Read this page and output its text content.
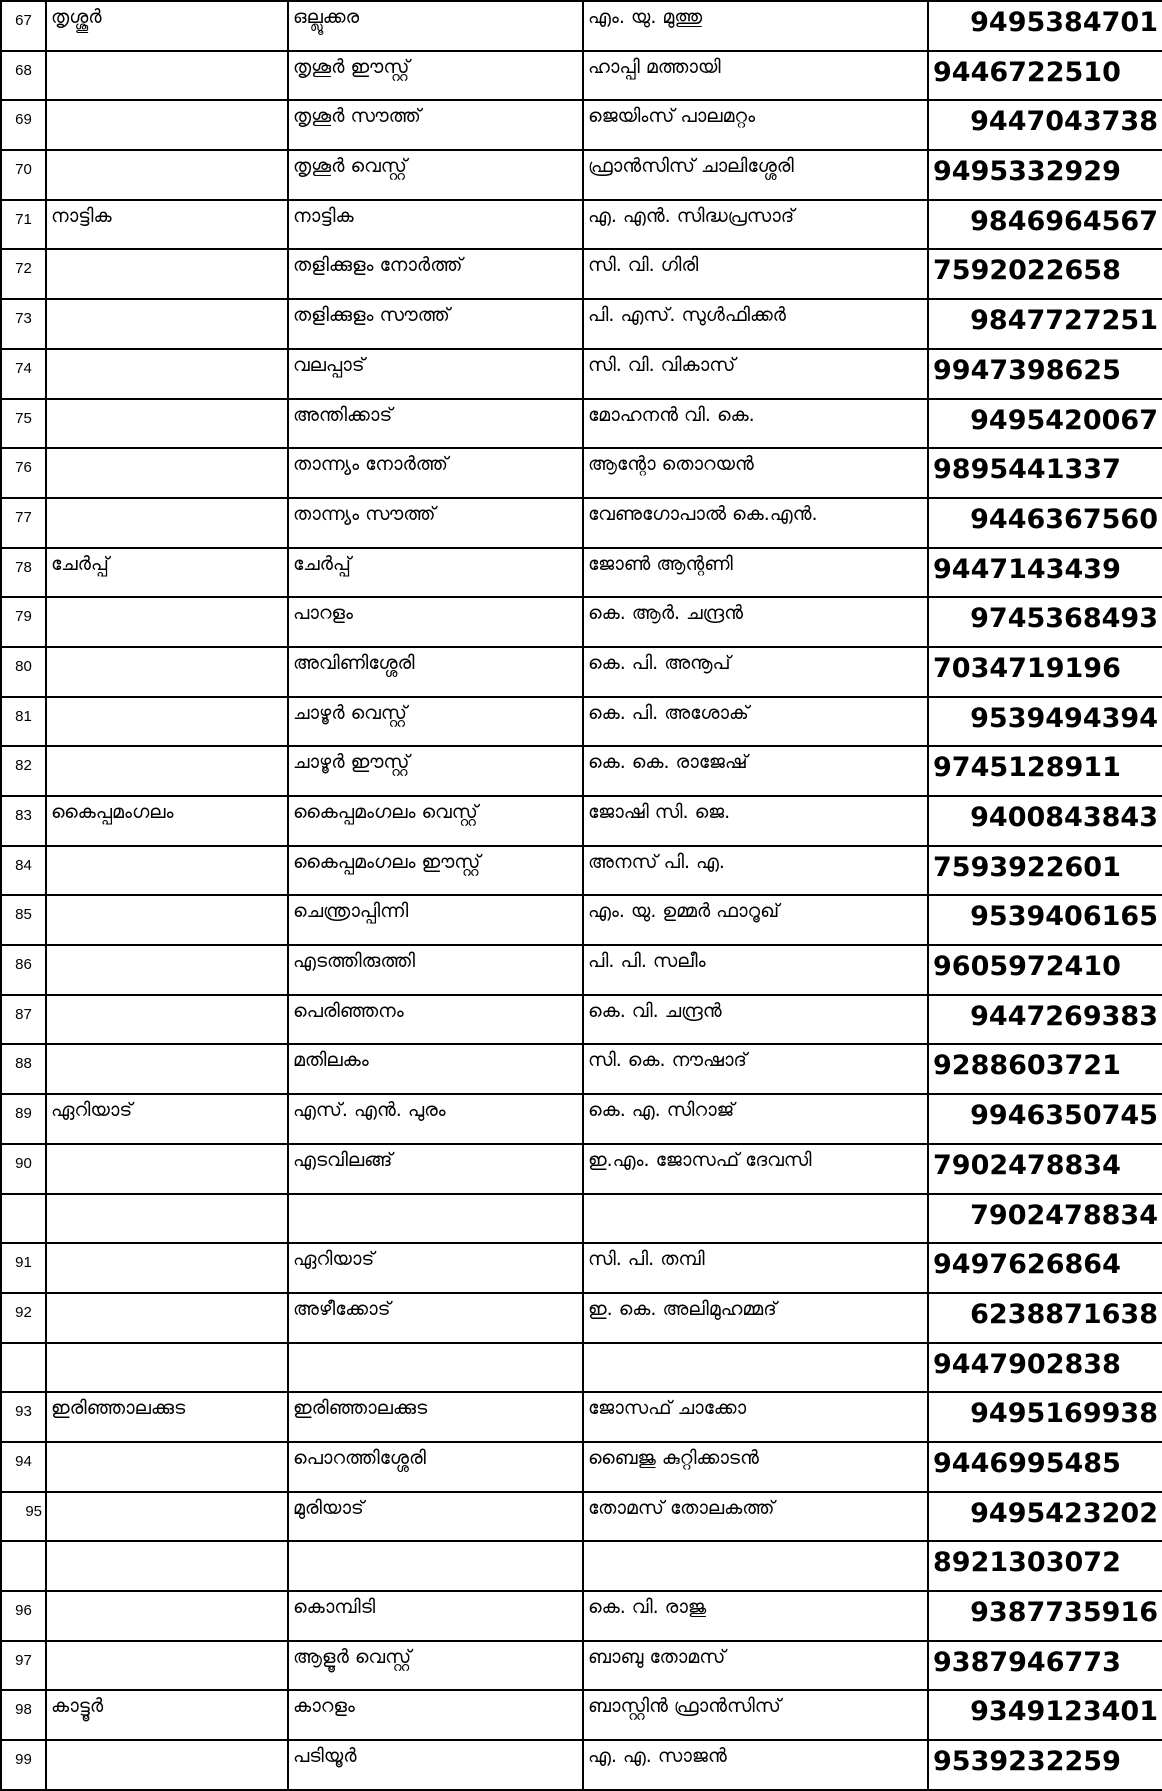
67	തൃശ്ശൂർ	ഒല്ലൂക്കര	എം. യു. മുത്തു	9495384701
68		തൃശൂർ ഈസ്റ്റ്	ഹാപ്പി മത്തായി	9446722510
69		തൃശൂർ സൗത്ത്	ജെയിംസ് പാലമറ്റം	9447043738
70		തൃശൂർ വെസ്റ്റ്	ഫ്രാൻസിസ് ചാലിശ്ശേരി	9495332929
71	നാട്ടിക	നാട്ടിക	എ. എൻ. സിദ്ധപ്രസാദ്	9846964567
72		തളിക്കുളം നോർത്ത്	സി. വി. ഗിരി	7592022658
73		തളിക്കുളം സൗത്ത്	പി. എസ്. സുൾഫിക്കർ	9847727251
74		വലപ്പാട്	സി. വി. വികാസ്	9947398625
75		അന്തിക്കാട്	മോഹനൻ വി. കെ.	9495420067
76		താന്ന്യം നോർത്ത്	ആന്റോ തൊറയൻ	9895441337
77		താന്ന്യം സൗത്ത്	വേണുഗോപാൽ കെ.എൻ.	9446367560
78	ചേർപ്പ്	ചേർപ്പ്	ജോൺ ആന്റണി	9447143439
79		പാറളം	കെ. ആർ. ചന്ദ്രൻ	9745368493
80		അവിണിശ്ശേരി	കെ. പി. അനൂപ്	7034719196
81		ചാഴൂർ വെസ്റ്റ്	കെ. പി. അശോക്	9539494394
82		ചാഴൂർ ഈസ്റ്റ്	കെ. കെ. രാജേഷ്	9745128911
83	കൈപ്പമംഗലം	കൈപ്പമംഗലം വെസ്റ്റ്	ജോഷി സി. ജെ.	9400843843
84		കൈപ്പമംഗലം ഈസ്റ്റ്	അനസ് പി. എ.	7593922601
85		ചെന്ത്രാപ്പിന്നി	എം. യു. ഉമ്മർ ഫാറൂഖ്	9539406165
86		എടത്തിരുത്തി	പി. പി. സലീം	9605972410
87		പെരിഞ്ഞനം	കെ. വി. ചന്ദ്രൻ	9447269383
88		മതിലകം	സി. കെ. നൗഷാദ്	9288603721
89	ഏറിയാട്	എസ്. എൻ. പുരം	കെ. എ. സിറാജ്	9946350745
90		എടവിലങ്ങ്	ഇ.എം. ജോസഫ് ദേവസി	7902478834
				7902478834
91		ഏറിയാട്	സി. പി. തമ്പി	9497626864
92		അഴീക്കോട്	ഇ. കെ. അലിമുഹമ്മദ്	6238871638
				9447902838
93	ഇരിഞ്ഞാലക്കുട	ഇരിഞ്ഞാലക്കുട	ജോസഫ് ചാക്കോ	9495169938
94		പൊറത്തിശ്ശേരി	ബൈജു കുറ്റിക്കാടൻ	9446995485
95		മുരിയാട്	തോമസ് തോലകത്ത്	9495423202
				8921303072
96		കൊമ്പിടി	കെ. വി. രാജു	9387735916
97		ആളൂർ വെസ്റ്റ്	ബാബു തോമസ്	9387946773
98	കാട്ടൂർ	കാറളം	ബാസ്റ്റിൻ ഫ്രാൻസിസ്	9349123401
99		പടിയൂർ	എ. എ. സാജൻ	9539232259
